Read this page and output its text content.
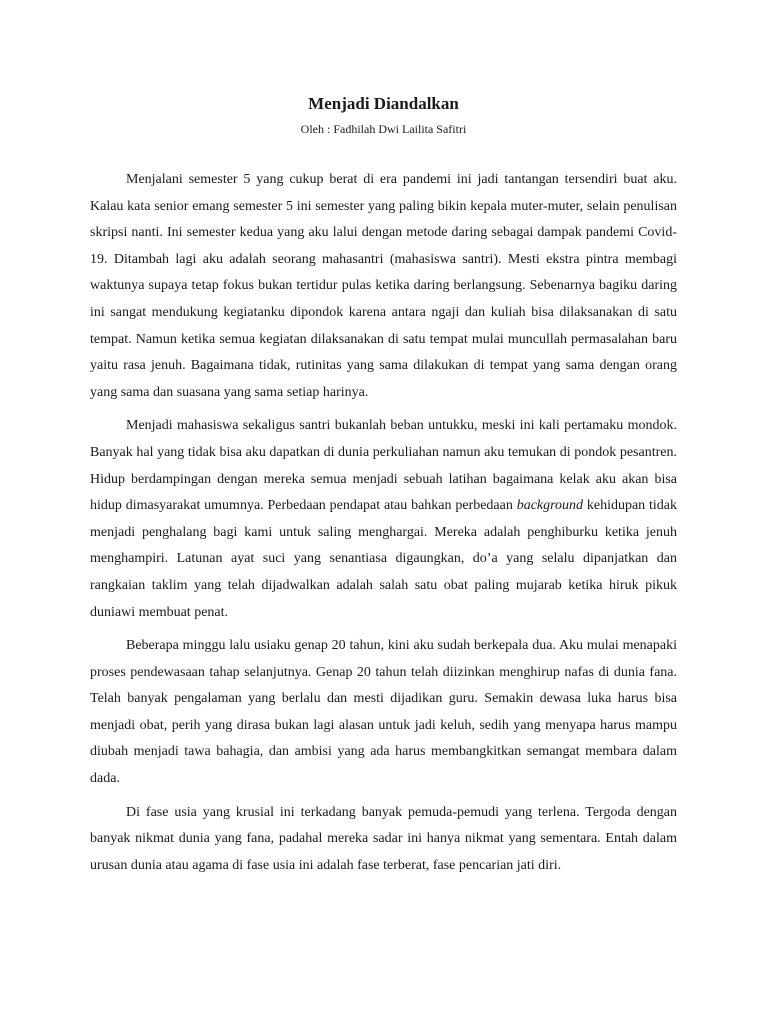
Menjadi Diandalkan

Oleh : Fadhilah Dwi Lailita Safitri

Menjalani semester 5 yang cukup berat di era pandemi ini jadi tantangan tersendiri buat aku. Kalau kata senior emang semester 5 ini semester yang paling bikin kepala muter-muter, selain penulisan skripsi nanti. Ini semester kedua yang aku lalui dengan metode daring sebagai dampak pandemi Covid-19. Ditambah lagi aku adalah seorang mahasantri (mahasiswa santri). Mesti ekstra pintra membagi waktunya supaya tetap fokus bukan tertidur pulas ketika daring berlangsung. Sebenarnya bagiku daring ini sangat mendukung kegiatanku dipondok karena antara ngaji dan kuliah bisa dilaksanakan di satu tempat. Namun ketika semua kegiatan dilaksanakan di satu tempat mulai muncullah permasalahan baru yaitu rasa jenuh. Bagaimana tidak, rutinitas yang sama dilakukan di tempat yang sama dengan orang yang sama dan suasana yang sama setiap harinya.

Menjadi mahasiswa sekaligus santri bukanlah beban untukku, meski ini kali pertamaku mondok. Banyak hal yang tidak bisa aku dapatkan di dunia perkuliahan namun aku temukan di pondok pesantren. Hidup berdampingan dengan mereka semua menjadi sebuah latihan bagaimana kelak aku akan bisa hidup dimasyarakat umumnya. Perbedaan pendapat atau bahkan perbedaan background kehidupan tidak menjadi penghalang bagi kami untuk saling menghargai. Mereka adalah penghiburku ketika jenuh menghampiri. Latunan ayat suci yang senantiasa digaungkan, do’a yang selalu dipanjatkan dan rangkaian taklim yang telah dijadwalkan adalah salah satu obat paling mujarab ketika hiruk pikuk duniawi membuat penat.

Beberapa minggu lalu usiaku genap 20 tahun, kini aku sudah berkepala dua. Aku mulai menapaki proses pendewasaan tahap selanjutnya. Genap 20 tahun telah diizinkan menghirup nafas di dunia fana. Telah banyak pengalaman yang berlalu dan mesti dijadikan guru. Semakin dewasa luka harus bisa menjadi obat, perih yang dirasa bukan lagi alasan untuk jadi keluh, sedih yang menyapa harus mampu diubah menjadi tawa bahagia, dan ambisi yang ada harus membangkitkan semangat membara dalam dada.

Di fase usia yang krusial ini terkadang banyak pemuda-pemudi yang terlena. Tergoda dengan banyak nikmat dunia yang fana, padahal mereka sadar ini hanya nikmat yang sementara. Entah dalam urusan dunia atau agama di fase usia ini adalah fase terberat, fase pencarian jati diri.
